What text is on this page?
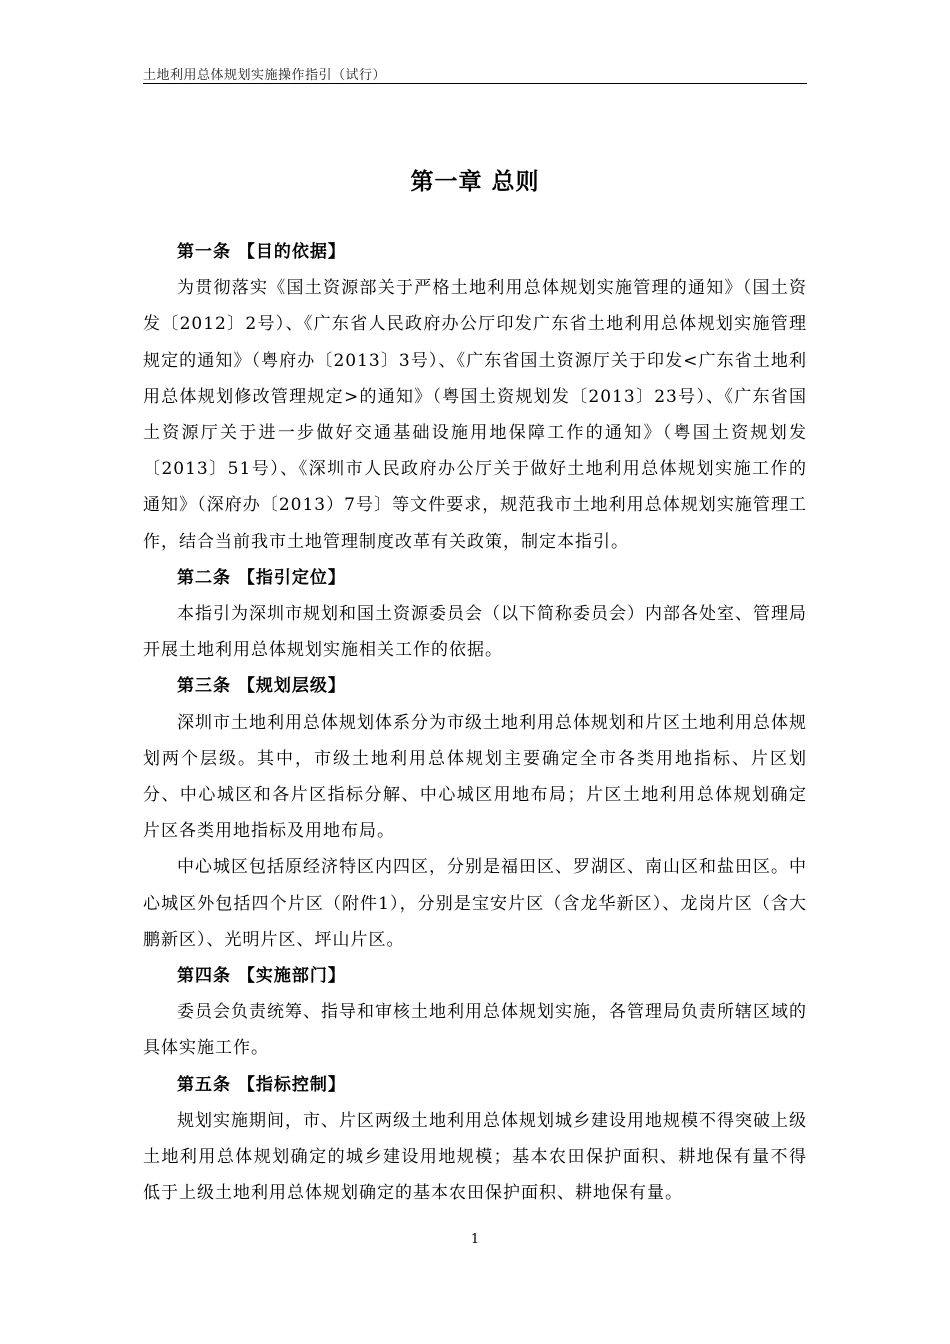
土地利用总体规划实施操作指引（试行）
第一章 总则

第一条 【目的依据】

为贯彻落实《国土资源部关于严格土地利用总体规划实施管理的通知》（国土资发〔2012〕2号）、《广东省人民政府办公厅印发广东省土地利用总体规划实施管理规定的通知》（粤府办〔2013〕3号）、《广东省国土资源厅关于印发<广东省土地利用总体规划修改管理规定>的通知》（粤国土资规划发〔2013〕23号）、《广东省国土资源厅关于进一步做好交通基础设施用地保障工作的通知》（粤国土资规划发〔2013〕51号）、《深圳市人民政府办公厅关于做好土地利用总体规划实施工作的通知》（深府办〔2013）7号〕等文件要求，规范我市土地利用总体规划实施管理工作，结合当前我市土地管理制度改革有关政策，制定本指引。

第二条 【指引定位】

本指引为深圳市规划和国土资源委员会（以下简称委员会）内部各处室、管理局开展土地利用总体规划实施相关工作的依据。

第三条 【规划层级】

深圳市土地利用总体规划体系分为市级土地利用总体规划和片区土地利用总体规划两个层级。其中，市级土地利用总体规划主要确定全市各类用地指标、片区划分、中心城区和各片区指标分解、中心城区用地布局；片区土地利用总体规划确定片区各类用地指标及用地布局。

中心城区包括原经济特区内四区，分别是福田区、罗湖区、南山区和盐田区。中心城区外包括四个片区（附件1），分别是宝安片区（含龙华新区）、龙岗片区（含大鹏新区）、光明片区、坪山片区。

第四条 【实施部门】

委员会负责统筹、指导和审核土地利用总体规划实施，各管理局负责所辖区域的具体实施工作。

第五条 【指标控制】

规划实施期间，市、片区两级土地利用总体规划城乡建设用地规模不得突破上级土地利用总体规划确定的城乡建设用地规模；基本农田保护面积、耕地保有量不得低于上级土地利用总体规划确定的基本农田保护面积、耕地保有量。

1
